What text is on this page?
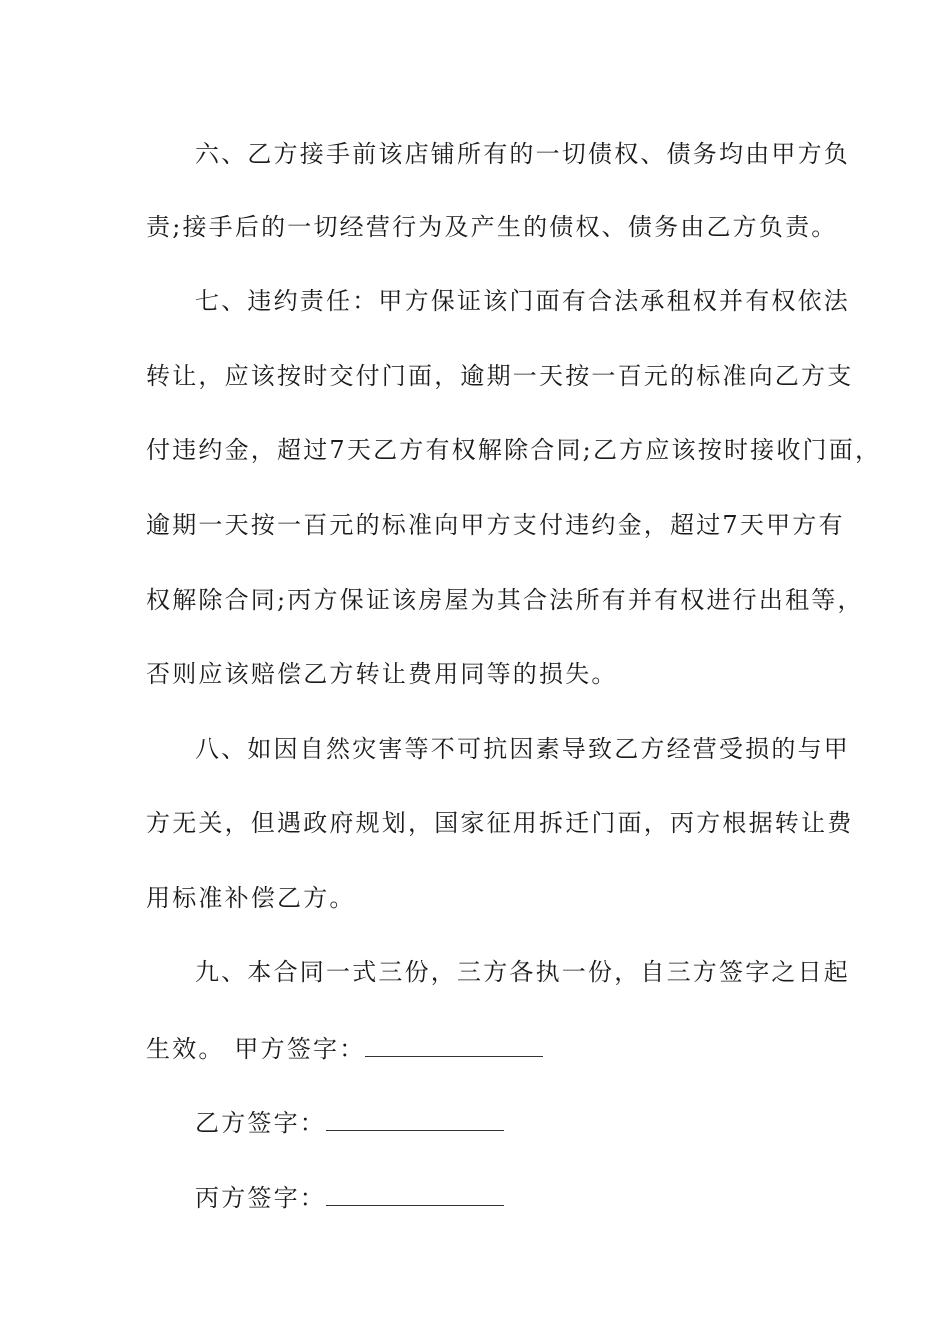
六、乙方接手前该店铺所有的一切债权、债务均由甲方负
责;接手后的一切经营行为及产生的债权、债务由乙方负责。
七、违约责任：甲方保证该门面有合法承租权并有权依法
转让，应该按时交付门面，逾期一天按一百元的标准向乙方支
付违约金，超过7天乙方有权解除合同;乙方应该按时接收门面，
逾期一天按一百元的标准向甲方支付违约金，超过7天甲方有
权解除合同;丙方保证该房屋为其合法所有并有权进行出租等，
否则应该赔偿乙方转让费用同等的损失。
八、如因自然灾害等不可抗因素导致乙方经营受损的与甲
方无关，但遇政府规划，国家征用拆迁门面，丙方根据转让费
用标准补偿乙方。
九、本合同一式三份，三方各执一份，自三方签字之日起
生效。 甲方签字：
乙方签字：
丙方签字：
